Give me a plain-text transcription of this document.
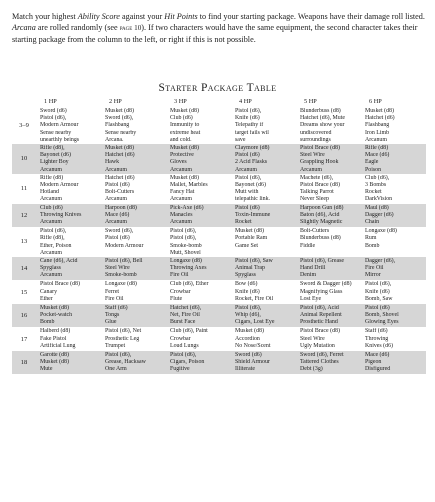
Match your highest Ability Score against your Hit Points to find your starting package. Weapons have their damage roll listed. Arcana are rolled randomly (see page 10). If two characters would have the same equipment, the second character takes their starting package from the column to the left, or right if this is not possible.

Starter Package Table
	1 HP	2 HP	3 HP	4 HP	5 HP	6 HP
3–9	Sword (d6)
Pistol (d6),
Modern Armour
Sense nearby
unearthly beings	Musket (d8)
Sword (d6),
Flashbang
Sense nearby
Arcana.	Musket (d8)
Club (d6)
Immunity to
extreme heat
and cold.	Pistol (d6),
Knife (d6)
Telepathy if
target fails wil
save	Blunderbuss (d8)
Hatchet (d6), Mute
Dreams show your
undiscovered
surroundings	Musket (d8)
Hatchet (d6)
Flashbang
Iron Limb
Arcanum

10	Rifle (d8),
Bayonet (d6)
Lighter Boy
Arcanum	Musket (d8)
Hatchet (d6)
Hawk
Arcanum	Musket (d8)
Protective
Gloves
Arcanum	Claymore (d8)
Pistol (d6)
2 Acid Flasks
Arcanum	Pistol Brace (d8)
Steel Wire
Grappling Hook
Arcanum	Rifle (d8)
Mace (d6)
Eagle
Poison

11	Rifle (d8)
Modern Armour
Hotland
Arcanum	Hatchet (d6)
Pistol (d6)
Bolt-Cutters
Arcanum	Musket (d8)
Mallet, Marbles
Fancy Hat
Arcanum	Pistol (d6),
Bayonet (d6)
Mutt with
telepathic link.	Machete (d6),
Pistol Brace (d8)
Talking Parrot
Never Sleep	Club (d6),
3 Bombs
Rocket
DarkVision

12	Club (d6)
Throwing Knives
Arcanum	Harpoon (d8)
Mace (d6)
Arcanum	Pick-Axe (d6)
Manacles
Arcanum	Pistol (d6)
Toxin-Immune
Rocket	Harpoon Gun (d8)
Baton (d6), Acid
Slightly Magnetic	Maul (d8)
Dagger (d6)
Chain

13	Pistol (d6),
Rifle (d8),
Ether, Poison
Arcanum	Sword (d6),
Pistol (d6)
Modern Armour	Pistol (d6),
Pistol (d6),
Smoke-bomb
Mutt, Shovel	Musket (d8)
Portable Ram
Game Set	Bolt-Cutters
Blunderbuss (d8)
Fiddle	Longaxe (d8)
Rum
Bomb

14	Cane (d6), Acid
Spyglass
Arcanum	Pistol (d6), Bell
Steel Wire
Smoke-bomb	Longaxe (d8)
Throwing Axes
Fire Oil	Pistol (d6), Saw
Animal Trap
Spyglass	Pistol (d6), Grease
Hand Drill
Denim	Dagger (d6),
Fire Oil
Mirror

15	Pistol Brace (d8)
Canary
Ether	Longaxe (d8)
Ferret
Fire Oil	Club (d6), Ether
Crowbar
Flute	Bow (d6)
Knife (d6)
Rocket, Fire Oil	Sword & Dagger (d8)
Magnifying Glass
Lost Eye	Pistol (d6),
Knife (d6)
Bomb, Saw

16	Musket (d8)
Pocket-watch
Bomb	Staff (d6)
Tongs
Glue	Hatchet (d6),
Net, Fire Oil
Burst Face	Pistol (d6),
Whip (d6),
Cigars, Lost Eye	Pistol (d6), Acid
Animal Repellent
Prosthetic Hand	Pistol (d6)
Bomb, Shovel
Glowing Eyes

17	Halberd (d8)
Fake Pistol
Artificial Lung	Pistol (d6), Net
Prosthetic Leg
Trumpet	Club (d6), Paint
Crowbar
Loud Lungs	Musket (d8)
Accordion
No Nose/Scent	Pistol Brace (d8)
Steel Wire
Ugly Mutation	Staff (d6)
Throwing
Knives (d6)

18	Garotte (d8)
Musket (d8)
Mute	Pistol (d6),
Grease, Hacksaw
One Arm	Pistol (d6),
Cigars, Poison
Fugitive	Sword (d6)
Shield Armour
Illiterate	Sword (d6), Ferret
Tattered Clothes
Debt (3g)	Mace (d6)
Pigeon
Disfigured
